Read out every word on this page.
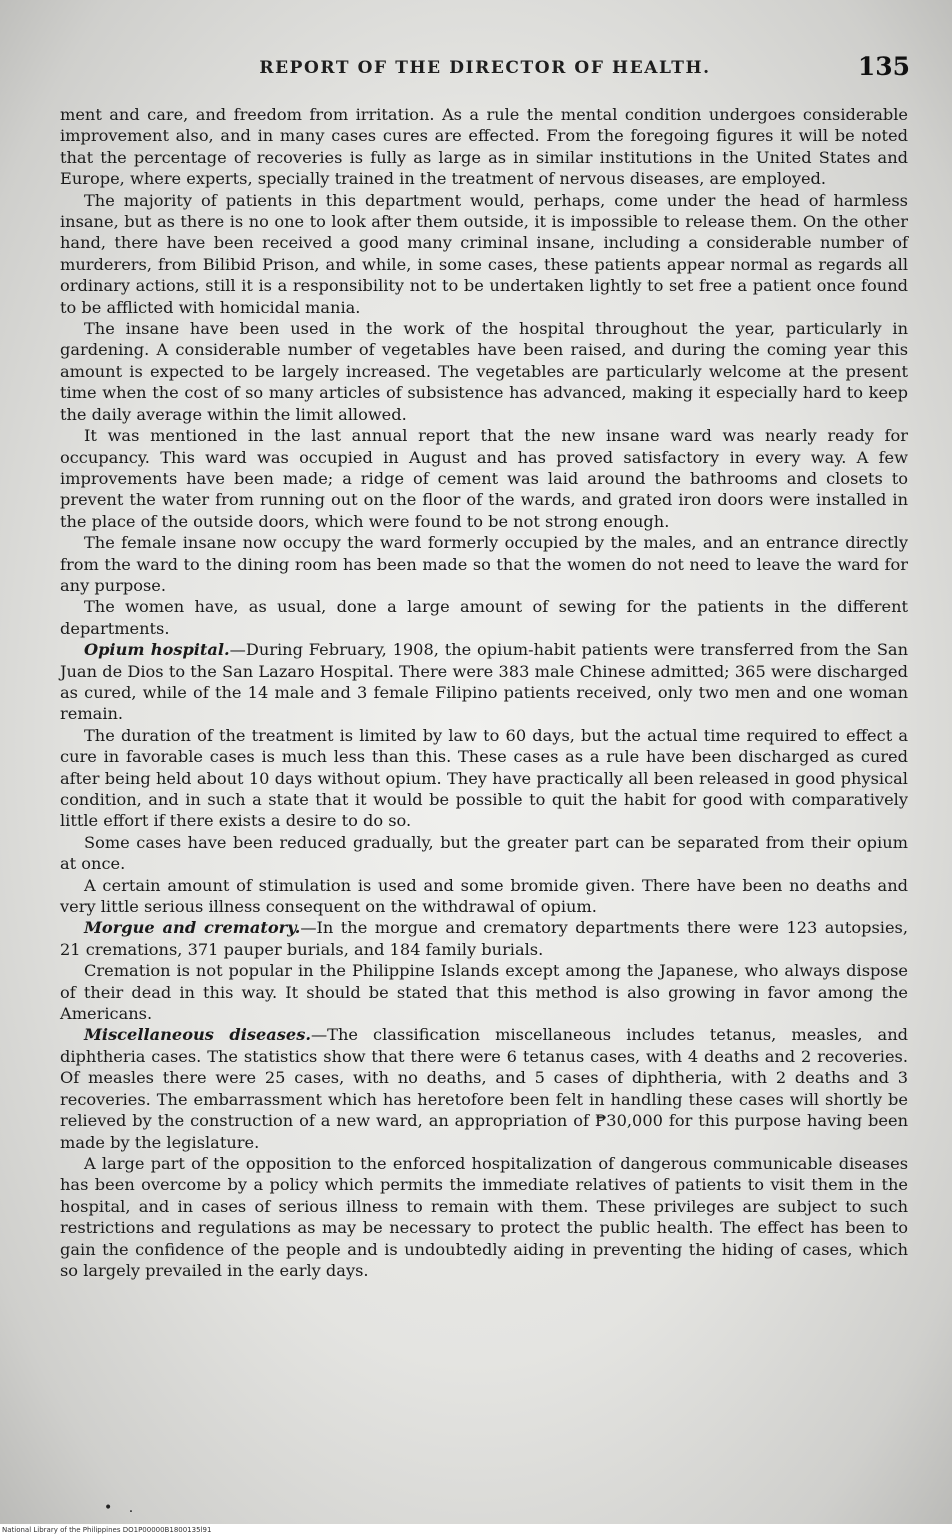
REPORT OF THE DIRECTOR OF HEALTH.	135

ment and care, and freedom from irritation. As a rule the mental condition undergoes considerable improvement also, and in many cases cures are effected. From the foregoing figures it will be noted that the percentage of recoveries is fully as large as in similar institutions in the United States and Europe, where experts, specially trained in the treatment of nervous diseases, are employed.

The majority of patients in this department would, perhaps, come under the head of harmless insane, but as there is no one to look after them outside, it is impossible to release them. On the other hand, there have been received a good many criminal insane, including a considerable number of murderers, from Bilibid Prison, and while, in some cases, these patients appear normal as regards all ordinary actions, still it is a responsibility not to be undertaken lightly to set free a patient once found to be afflicted with homicidal mania.

The insane have been used in the work of the hospital throughout the year, particularly in gardening. A considerable number of vegetables have been raised, and during the coming year this amount is expected to be largely increased. The vegetables are particularly welcome at the present time when the cost of so many articles of subsistence has advanced, making it especially hard to keep the daily average within the limit allowed.

It was mentioned in the last annual report that the new insane ward was nearly ready for occupancy. This ward was occupied in August and has proved satisfactory in every way. A few improvements have been made; a ridge of cement was laid around the bathrooms and closets to prevent the water from running out on the floor of the wards, and grated iron doors were installed in the place of the outside doors, which were found to be not strong enough.

The female insane now occupy the ward formerly occupied by the males, and an entrance directly from the ward to the dining room has been made so that the women do not need to leave the ward for any purpose.

The women have, as usual, done a large amount of sewing for the patients in the different departments.

Opium hospital.—During February, 1908, the opium-habit patients were transferred from the San Juan de Dios to the San Lazaro Hospital. There were 383 male Chinese admitted; 365 were discharged as cured, while of the 14 male and 3 female Filipino patients received, only two men and one woman remain.

The duration of the treatment is limited by law to 60 days, but the actual time required to effect a cure in favorable cases is much less than this. These cases as a rule have been discharged as cured after being held about 10 days without opium. They have practically all been released in good physical condition, and in such a state that it would be possible to quit the habit for good with comparatively little effort if there exists a desire to do so.

Some cases have been reduced gradually, but the greater part can be separated from their opium at once.

A certain amount of stimulation is used and some bromide given. There have been no deaths and very little serious illness consequent on the withdrawal of opium.

Morgue and crematory.—In the morgue and crematory departments there were 123 autopsies, 21 cremations, 371 pauper burials, and 184 family burials.

Cremation is not popular in the Philippine Islands except among the Japanese, who always dispose of their dead in this way. It should be stated that this method is also growing in favor among the Americans.

Miscellaneous diseases.—The classification miscellaneous includes tetanus, measles, and diphtheria cases. The statistics show that there were 6 tetanus cases, with 4 deaths and 2 recoveries. Of measles there were 25 cases, with no deaths, and 5 cases of diphtheria, with 2 deaths and 3 recoveries. The embarrassment which has heretofore been felt in handling these cases will shortly be relieved by the construction of a new ward, an appropriation of ₱30,000 for this purpose having been made by the legislature.

A large part of the opposition to the enforced hospitalization of dangerous communicable diseases has been overcome by a policy which permits the immediate relatives of patients to visit them in the hospital, and in cases of serious illness to remain with them. These privileges are subject to such restrictions and regulations as may be necessary to protect the public health. The effect has been to gain the confidence of the people and is undoubtedly aiding in preventing the hiding of cases, which so largely prevailed in the early days.

• .
National Library of the Philippines DO1P00000B1800135l91
